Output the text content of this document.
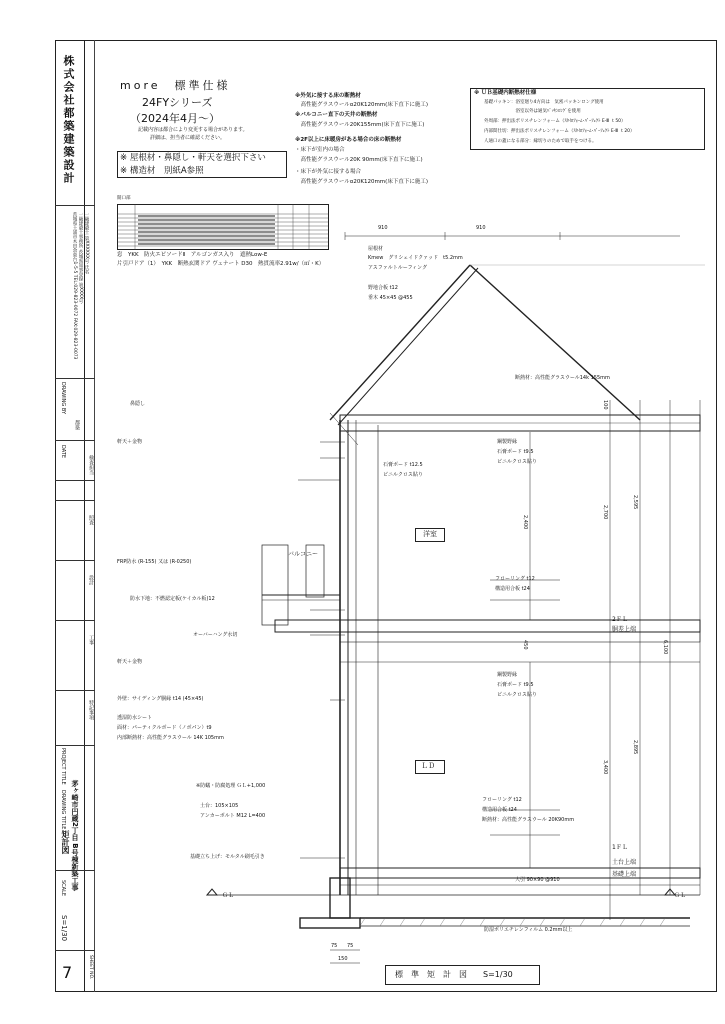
株式会社都築建築設計
茨城県土浦市木田余東台1-5-5 TEL:029-823-0072 FAX:029-823-0073 一級建築士事務所 茨城県知事登録 第XXXX号 一級建築士 第XXXXXX号 氏名
DRAWING BY
都築
DATE
検査担当
照査
設計
工事
特記事項
PROJECT TITLE
茅ヶ崎市円蔵2丁目 B号棟新築工事
DRAWING TITLE
矩計図
SCALE
S=1/30
SHEET NO.
7
more　標準仕様
24FYシリーズ
（2024年4月～）
記載内容は都合により変更する場合があります。
詳細は、担当者に確認ください。
※ 屋根材・鼻隠し・軒天を選択下さい
※ 構造材　別紙A参照
※外気に接する床の断熱材
　高性能グラスウールα20K120mm(床下直下に施工)
※バルコニー直下の天井の断熱材
　高性能グラスウール20K155mm(床下直下に施工)
※2F以上に床暖房がある場合の床の断熱材
・床下が室内の場合
　高性能グラスウール20K 90mm(床下直下に施工)
・床下が外気に接する場合
　高性能グラスウールα20K120mm(床下直下に施工)
※ ＵＢ基礎内断熱材仕様
基礎パッキン：浴室廻り4方向は　気密パッキンロング使用
　　　　　　　浴室以外は通気ﾊﾟｯｷﾝﾛﾝｸﾞを使用
外周部：押出法ポリスチレンフォーム（ｽﾀｲﾛﾌｫｰﾑ･ﾊﾟｰﾌｪｸﾄ E-Ⅲ ｔ50）
内部間仕切：押出法ポリスチレンフォーム（ｽﾀｲﾛﾌｫｰﾑ･ﾊﾟｰﾌｪｸﾄ E-Ⅲ ｔ20）
人通口の蓋になる部分：縁切りのためで取手をつける。
開口部
窓　YKK　防火エピソードⅡ　アルゴンガス入り　遮熱Low-E
片引戸ドア（1）　YKK　断熱玄関ドア ヴェナート D30　熱貫流率2.91w/（㎡・K）
洋室
ＬＤ
バルコニー
標　準　矩　計　図　　S=1/30
鼻隠し
軒天＋金物
FRP防水 (R-155) 又は (R-0250)
防水下地：不燃認定板(ケイカル板)12
オーバーハング水切
軒天＋金物
外壁：サイディング胴縁 t14 (45×45)
透湿防水シート
面材：パーティクルボード（ノボパン）t9
内部断熱材：高性能グラスウール 14K 105mm
※防蟻・防腐処理 ＧＬ+1,000
土台：105×105
アンカーボルト M12 L=400
基礎立ち上げ：モルタル刷毛引き
ＧＬ
屋根材
Kmew　グリシェイドクァッド　t5.2mm
アスファルトルーフィング
野地合板 t12
垂木 45×45 @455
断熱材：高性能グラスウール14k 155mm
鋼製野縁
石膏ボード t9.5
ビニルクロス貼り
石膏ボード t12.5
ビニルクロス貼り
フローリング t12
構造用合板 t24
2ＦＬ
胴差上端
鋼製野縁
石膏ボード t9.5
ビニルクロス貼り
フローリング t12
構造用合板 t24
断熱材：高性能グラスウール 20K90mm
1ＦＬ
土台上端
基礎上端
大引 90×90 @910
防湿ポリエチレンフィルム 0.2mm以上
ＧＬ
910	910
2,400
2,700
2,595
2,895
3,400
6,100
450
100
75 75
150
